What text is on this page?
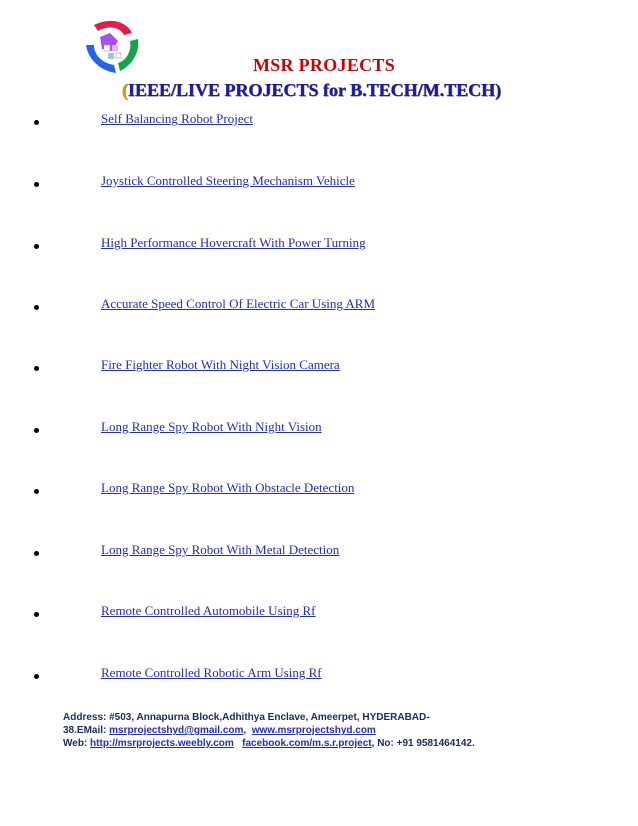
MSR PROJECTS
(IEEE/LIVE PROJECTS for B.TECH/M.TECH)
Self Balancing Robot Project
Joystick Controlled Steering Mechanism Vehicle
High Performance Hovercraft With Power Turning
Accurate Speed Control Of Electric Car Using ARM
Fire Fighter Robot With Night Vision Camera
Long Range Spy Robot With Night Vision
Long Range Spy Robot With Obstacle Detection
Long Range Spy Robot With Metal Detection
Remote Controlled Automobile Using Rf
Remote Controlled Robotic Arm Using Rf
Address: #503, Annapurna Block,Adhithya Enclave, Ameerpet, HYDERABAD-
38.EMail: msrprojectshyd@gmail.com,  www.msrprojectshyd.com
Web: http://msrprojects.weebly.com facebook.com/m.s.r.project, No: +91 9581464142.
